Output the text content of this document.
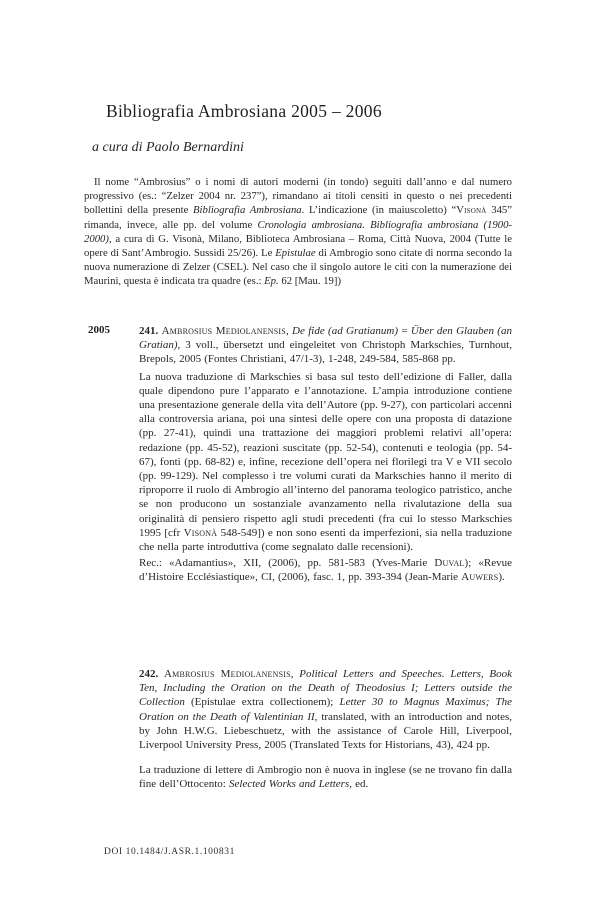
Bibliografia Ambrosiana 2005 – 2006
a cura di Paolo Bernardini

Il nome “Ambrosius” o i nomi di autori moderni (in tondo) seguiti dall’anno e dal numero progressivo (es.: “Zelzer 2004 nr. 237”), rimandano ai titoli censiti in questo o nei precedenti bollettini della presente Bibliografia Ambrosiana. L’indicazione (in maiuscoletto) “Visonà 345” rimanda, invece, alle pp. del volume Cronologia ambrosiana. Bibliografia ambrosiana (1900-2000), a cura di G. Visonà, Milano, Biblioteca Ambrosiana – Roma, Città Nuova, 2004 (Tutte le opere di Sant’Ambrogio. Sussidi 25/26). Le Epistulae di Ambrogio sono citate di norma secondo la nuova numerazione di Zelzer (CSEL). Nel caso che il singolo autore le citi con la numerazione dei Maurini, questa è indicata tra quadre (es.: Ep. 62 [Mau. 19])

2005	241. Ambrosius Mediolanensis, De fide (ad Gratianum) = Über den Glauben (an Gratian), 3 voll., übersetzt und eingeleitet von Christoph Markschies, Turnhout, Brepols, 2005 (Fontes Christiani, 47/1-3), 1-248, 249-584, 585-868 pp.

La nuova traduzione di Markschies si basa sul testo dell’edizione di Faller, dalla quale dipendono pure l’apparato e l’annotazione. L’ampia introduzione contiene una presentazione generale della vita dell’Autore (pp. 9-27), con particolari accenni alla controversia ariana, poi una sintesi delle opere con una proposta di datazione (pp. 27-41), quindi una trattazione dei maggiori problemi relativi all’opera: redazione (pp. 45-52), reazioni suscitate (pp. 52-54), contenuti e teologia (pp. 54-67), fonti (pp. 68-82) e, infine, recezione dell’opera nei florilegi tra V e VII secolo (pp. 99-129). Nel complesso i tre volumi curati da Markschies hanno il merito di riproporre il ruolo di Ambrogio all’interno del panorama teologico patristico, anche se non producono un sostanziale avanzamento nella rivalutazione della sua originalità di pensiero rispetto agli studi precedenti (fra cui lo stesso Markschies 1995 [cfr Visonà 548-549]) e non sono esenti da imperfezioni, sia nella traduzione che nella parte introduttiva (come segnalato dalle recensioni).

Rec.: «Adamantius», XII, (2006), pp. 581-583 (Yves-Marie Duval); «Revue d’Histoire Ecclésiastique», CI, (2006), fasc. 1, pp. 393-394 (Jean-Marie Auwers).

242. Ambrosius Mediolanensis, Political Letters and Speeches. Letters, Book Ten, Including the Oration on the Death of Theodosius I; Letters outside the Collection (Epistulae extra collectionem); Letter 30 to Magnus Maximus; The Oration on the Death of Valentinian II, translated, with an introduction and notes, by John H.W.G. Liebeschuetz, with the assistance of Carole Hill, Liverpool, Liverpool University Press, 2005 (Translated Texts for Historians, 43), 424 pp.

La traduzione di lettere di Ambrogio non è nuova in inglese (se ne trovano fin dalla fine dell’Ottocento: Selected Works and Letters, ed.

DOI 10.1484/J.ASR.1.100831
